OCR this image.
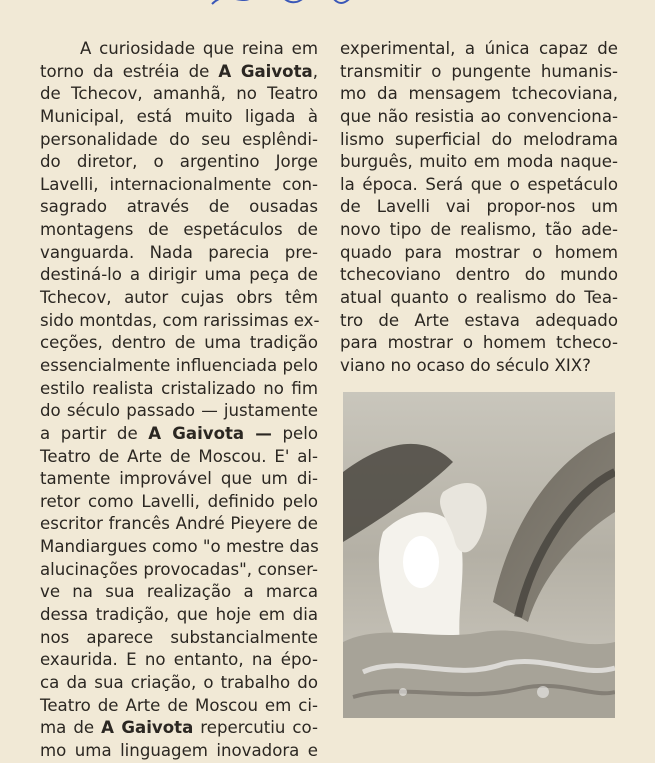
A curiosidade que reina em
torno da estréia de A Gaivota,
de Tchecov, amanhã, no Teatro
Municipal, está muito ligada à
personalidade do seu esplêndi-
do diretor, o argentino Jorge
Lavelli, internacionalmente con-
sagrado através de ousadas
montagens de espetáculos de
vanguarda. Nada parecia pre-
destiná-lo a dirigir uma peça de
Tchecov, autor cujas obrs têm
sido montdas, com rarissimas ex-
ceções, dentro de uma tradição
essencialmente influenciada pelo
estilo realista cristalizado no fim
do século passado — justamente
a partir de A Gaivota — pelo
Teatro de Arte de Moscou. E' al-
tamente improvável que um di-
retor como Lavelli, definido pelo
escritor francês André Pieyere de
Mandiargues como "o mestre das
alucinações provocadas", conser-
ve na sua realização a marca
dessa tradição, que hoje em dia
nos aparece substancialmente
exaurida. E no entanto, na épo-
ca da sua criação, o trabalho do
Teatro de Arte de Moscou em ci-
ma de A Gaivota repercutiu co-
mo uma linguagem inovadora e
experimental, a única capaz de
transmitir o pungente humanis-
mo da mensagem tchecoviana,
que não resistia ao convenciona-
lismo superficial do melodrama
burguês, muito em moda naque-
la época. Será que o espetáculo
de Lavelli vai propor-nos um
novo tipo de realismo, tão ade-
quado para mostrar o homem
tchecoviano dentro do mundo
atual quanto o realismo do Tea-
tro de Arte estava adequado
para mostrar o homem tcheco-
viano no ocaso do século XIX?
